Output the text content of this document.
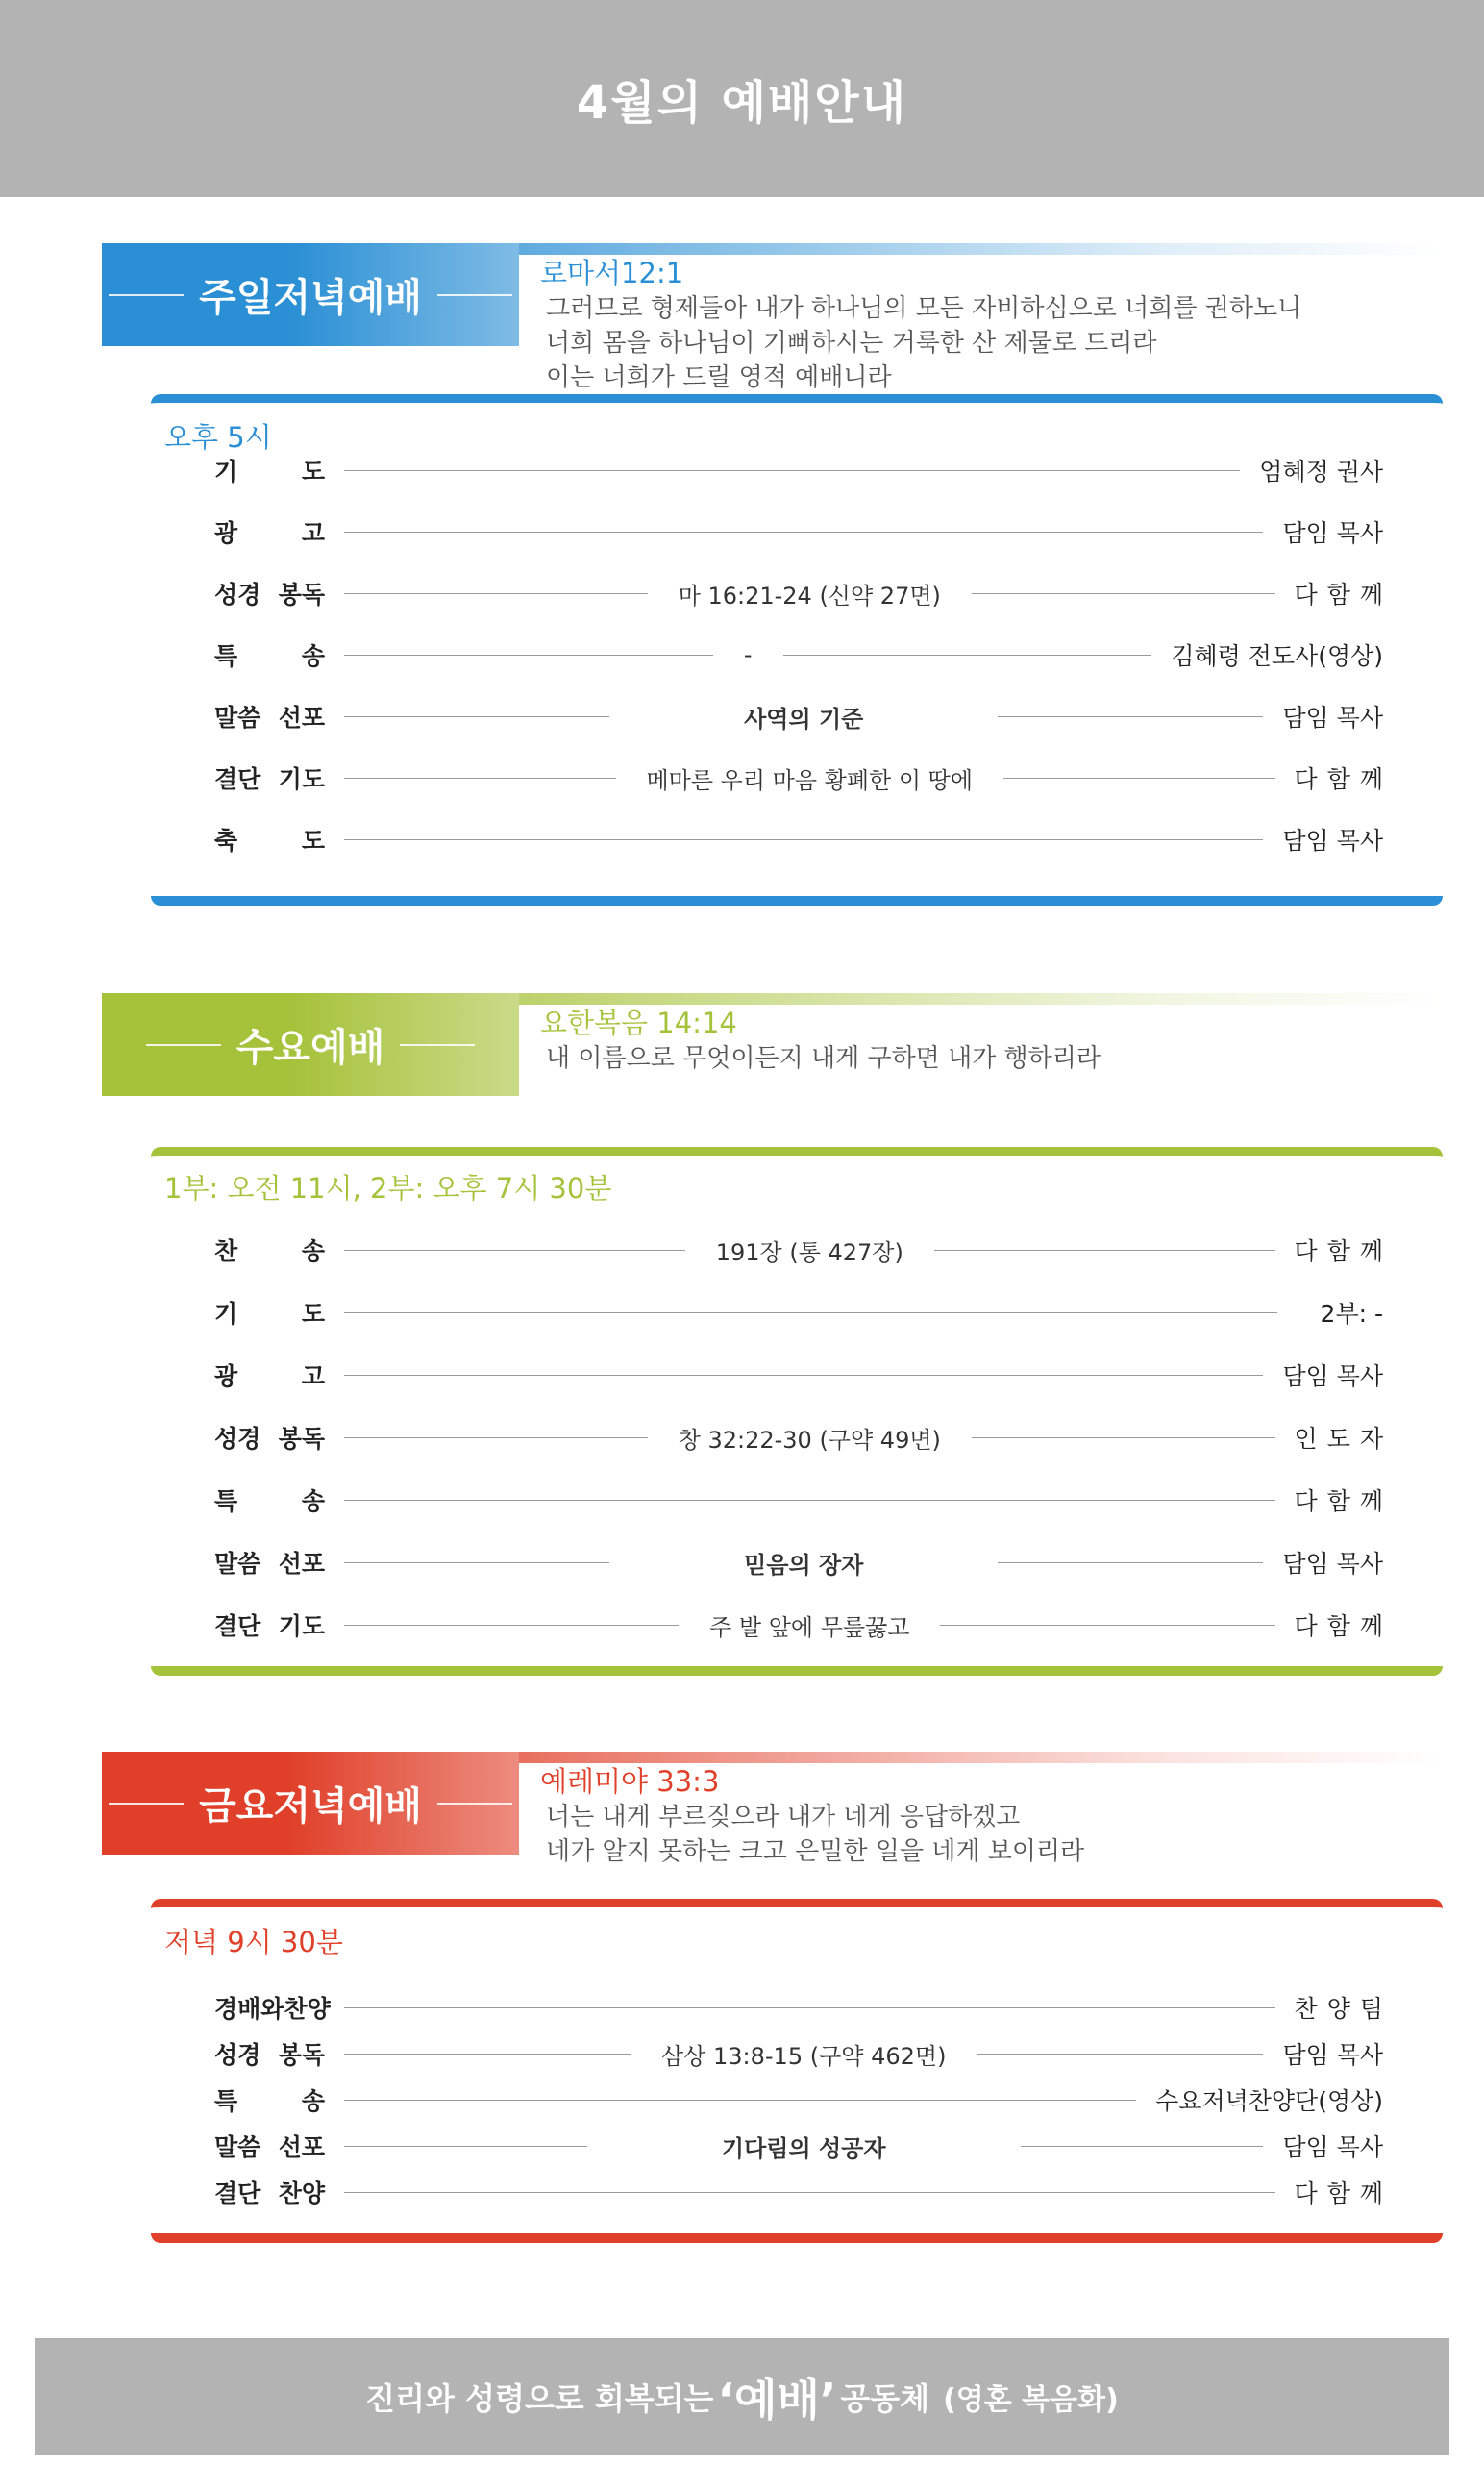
4월의 예배안내
주일저녁예배
로마서12:1
그러므로 형제들아 내가 하나님의 모든 자비하심으로 너희를 권하노니
너희 몸을 하나님이 기뻐하시는 거룩한 산 제물로 드리라
이는 너희가 드릴 영적 예배니라
오후 5시
기	도	엄혜정 권사
광	고	담임 목사
성경 봉독	마 16:21-24 (신약 27면)	다함께
특	송	-	김혜령 전도사(영상)
말씀 선포	사역의 기준	담임 목사
결단 기도	메마른 우리 마음 황폐한 이 땅에	다함께
축	도	담임 목사
수요예배
요한복음 14:14
내 이름으로 무엇이든지 내게 구하면 내가 행하리라
1부: 오전 11시, 2부: 오후 7시 30분
찬	송	191장 (통 427장)	다함께
기	도	2부: -
광	고	담임 목사
성경 봉독	창 32:22-30 (구약 49면)	인도자
특	송	다함께
말씀 선포	믿음의 장자	담임 목사
결단 기도	주 발 앞에 무릎꿇고	다함께
금요저녁예배
예레미야 33:3
너는 내게 부르짖으라 내가 네게 응답하겠고
네가 알지 못하는 크고 은밀한 일을 네게 보이리라
저녁 9시 30분
경배와찬양	찬양팀
성경 봉독	삼상 13:8-15 (구약 462면)	담임 목사
특	송	수요저녁찬양단(영상)
말씀 선포	기다림의 성공자	담임 목사
결단 찬양	다함께
진리와 성령으로 회복되는 ‘예배’ 공동체 (영혼 복음화)
